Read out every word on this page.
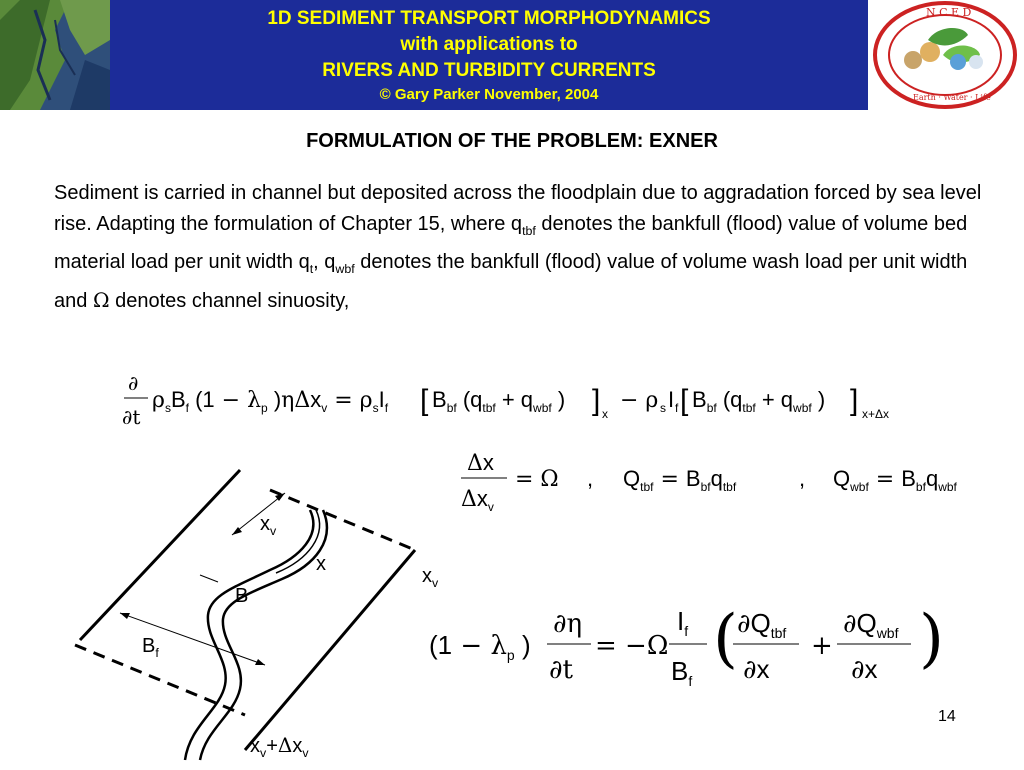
1D SEDIMENT TRANSPORT MORPHODYNAMICS
with applications to
RIVERS AND TURBIDITY CURRENTS
© Gary Parker November, 2004
N C E D
Earth · Water · Life
FORMULATION OF THE PROBLEM: EXNER
Sediment is carried in channel but deposited across the floodplain due to aggradation forced by sea level rise. Adapting the formulation of Chapter 15, where $q_{tbf}$ denotes the bankfull (flood) value of volume bed material load per unit width $q_t$, $q_{wbf}$ denotes the bankfull (flood) value of volume wash load per unit width and Ω denotes channel sinuosity,
∂
∂t
$\rho_sB_f$ ($1 - \lambda_p$ )$\eta\Delta x_v = \rho_sI_f$ [ $B_{bf}$ ($q_{tbf} + q_{wbf}$ ) ] x
− ρ s I f [ $B_{bf}$ ($q_{tbf} + q_{wbf}$ ) ] x+Δx
Δx
$\Delta x_v$
= Ω , $Q_{tbf} = B_{bf}q_{tbf}$	, $Q_{wbf} = B_{bf}q_{wbf}$
($1 - \lambda_p$ )
∂η
∂t
= −Ω
$I_f$
$B_f$
( $\partial Q_{tbf}$
∂x
+
$\partial Q_{wbf}$
∂x )
$x_v$
x
$x_v$
B
$B_f$
$x_v+\Delta x_v$
14
